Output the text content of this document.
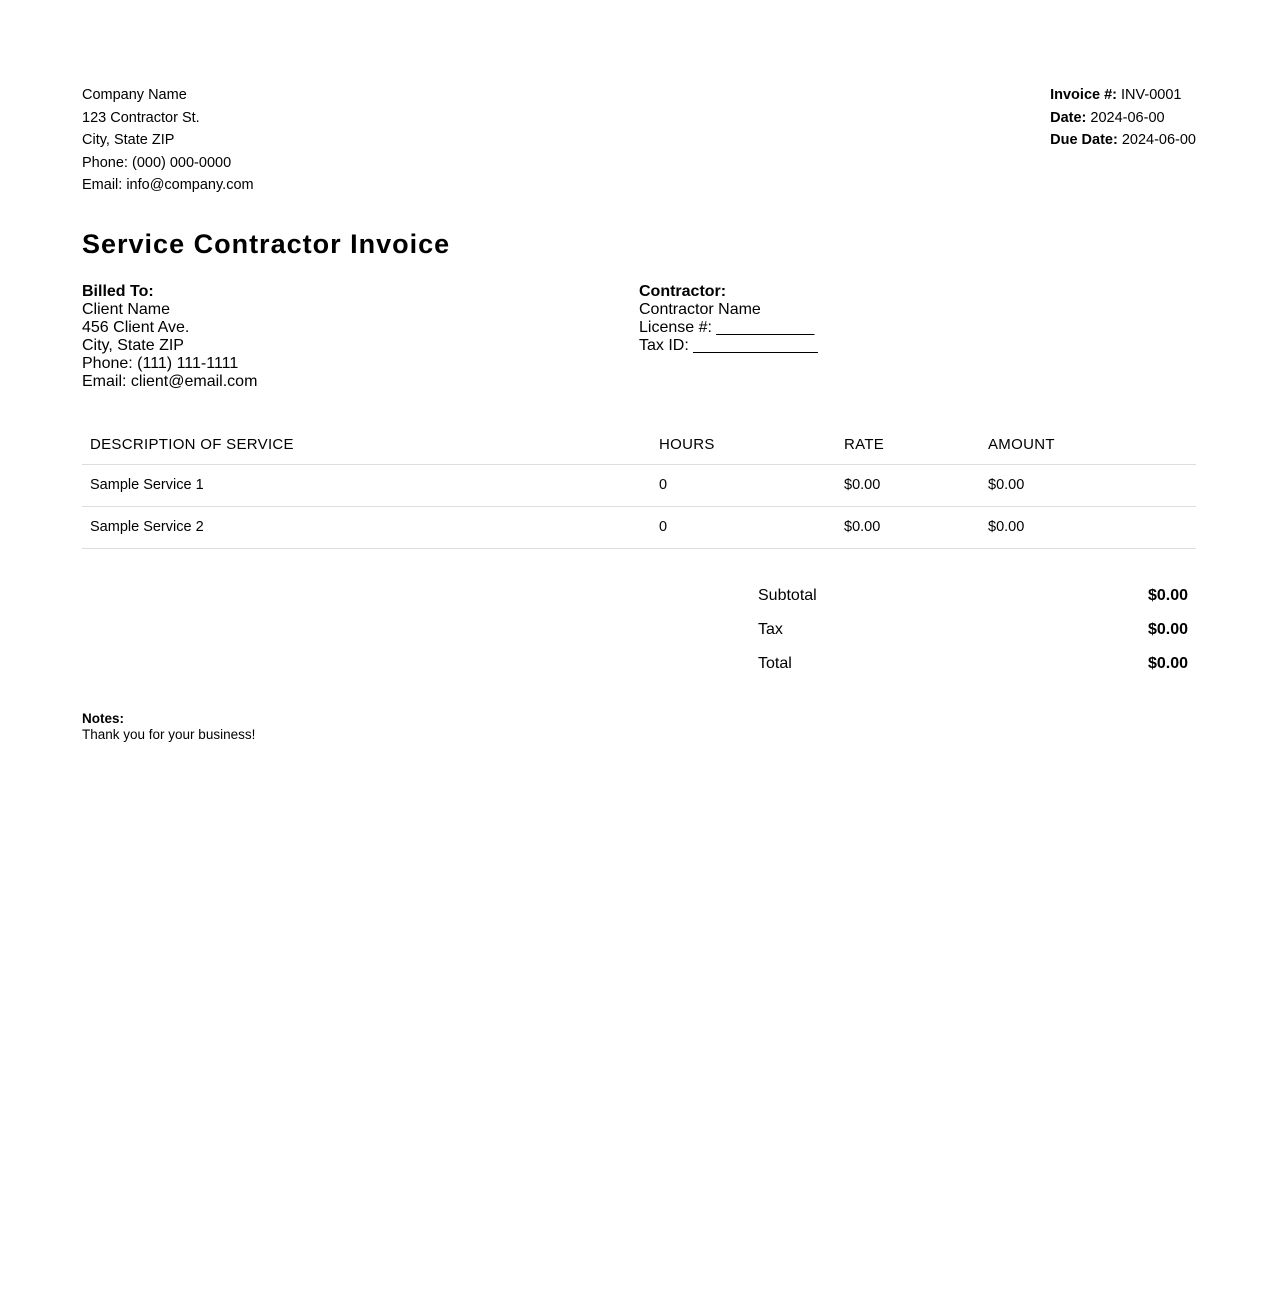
Company Name
123 Contractor St.
City, State ZIP
Phone: (000) 000-0000
Email: info@company.com
Invoice #: INV-0001
Date: 2024-06-00
Due Date: 2024-06-00
Service Contractor Invoice
Billed To:
Client Name
456 Client Ave.
City, State ZIP
Phone: (111) 111-1111
Email: client@email.com
Contractor:
Contractor Name
License #: ___________
Tax ID: ______________
DESCRIPTION OF SERVICE	HOURS	RATE	AMOUNT
Sample Service 1	0	$0.00	$0.00
Sample Service 2	0	$0.00	$0.00
Subtotal	$0.00
Tax	$0.00
Total	$0.00
Notes:
Thank you for your business!
